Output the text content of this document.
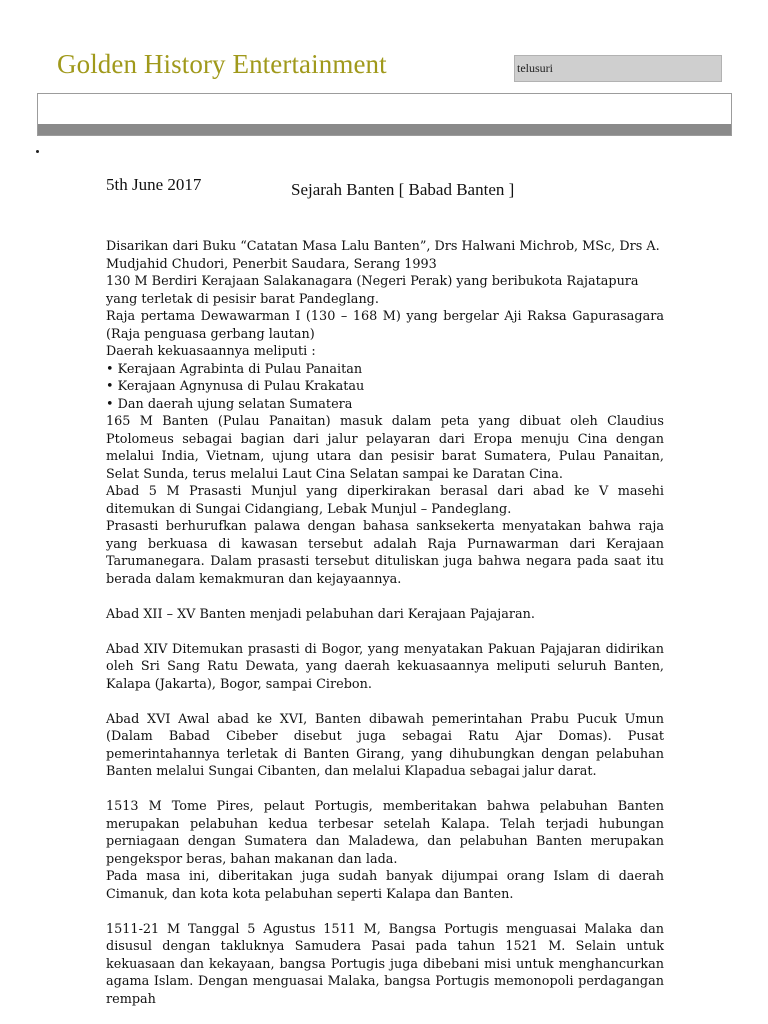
Golden History Entertainment
telusuri
5th June 2017	Sejarah Banten [ Babad Banten ]

Disarikan dari Buku “Catatan Masa Lalu Banten”, Drs Halwani Michrob, MSc, Drs A. Mudjahid Chudori, Penerbit Saudara, Serang 1993

130 M Berdiri Kerajaan Salakanagara (Negeri Perak) yang beribukota Rajatapura yang terletak di pesisir barat Pandeglang.

Raja pertama Dewawarman I (130 – 168 M) yang bergelar Aji Raksa Gapurasagara (Raja penguasa gerbang lautan)

Daerah kekuasaannya meliputi :

• Kerajaan Agrabinta di Pulau Panaitan

• Kerajaan Agnynusa di Pulau Krakatau

• Dan daerah ujung selatan Sumatera

165 M Banten (Pulau Panaitan) masuk dalam peta yang dibuat oleh Claudius Ptolomeus sebagai bagian dari jalur pelayaran dari Eropa menuju Cina dengan melalui India, Vietnam, ujung utara dan pesisir barat Sumatera, Pulau Panaitan, Selat Sunda, terus melalui Laut Cina Selatan sampai ke Daratan Cina.

Abad 5 M Prasasti Munjul yang diperkirakan berasal dari abad ke V masehi ditemukan di Sungai Cidangiang, Lebak Munjul – Pandeglang.

Prasasti berhurufkan palawa dengan bahasa sanksekerta menyatakan bahwa raja yang berkuasa di kawasan tersebut adalah Raja Purnawarman dari Kerajaan Tarumanegara. Dalam prasasti tersebut dituliskan juga bahwa negara pada saat itu berada dalam kemakmuran dan kejayaannya.

Abad XII – XV Banten menjadi pelabuhan dari Kerajaan Pajajaran.

Abad XIV Ditemukan prasasti di Bogor, yang menyatakan Pakuan Pajajaran didirikan oleh Sri Sang Ratu Dewata, yang daerah kekuasaannya meliputi seluruh Banten, Kalapa (Jakarta), Bogor, sampai Cirebon.

Abad XVI Awal abad ke XVI, Banten dibawah pemerintahan Prabu Pucuk Umun (Dalam Babad Cibeber disebut juga sebagai Ratu Ajar Domas). Pusat pemerintahannya terletak di Banten Girang, yang dihubungkan dengan pelabuhan Banten melalui Sungai Cibanten, dan melalui Klapadua sebagai jalur darat.

1513 M Tome Pires, pelaut Portugis, memberitakan bahwa pelabuhan Banten merupakan pelabuhan kedua terbesar setelah Kalapa. Telah terjadi hubungan perniagaan dengan Sumatera dan Maladewa, dan pelabuhan Banten merupakan pengekspor beras, bahan makanan dan lada.

Pada masa ini, diberitakan juga sudah banyak dijumpai orang Islam di daerah Cimanuk, dan kota kota pelabuhan seperti Kalapa dan Banten.

1511-21 M Tanggal 5 Agustus 1511 M, Bangsa Portugis menguasai Malaka dan disusul dengan takluknya Samudera Pasai pada tahun 1521 M. Selain untuk kekuasaan dan kekayaan, bangsa Portugis juga dibebani misi untuk menghancurkan agama Islam. Dengan menguasai Malaka, bangsa Portugis memonopoli perdagangan rempah
